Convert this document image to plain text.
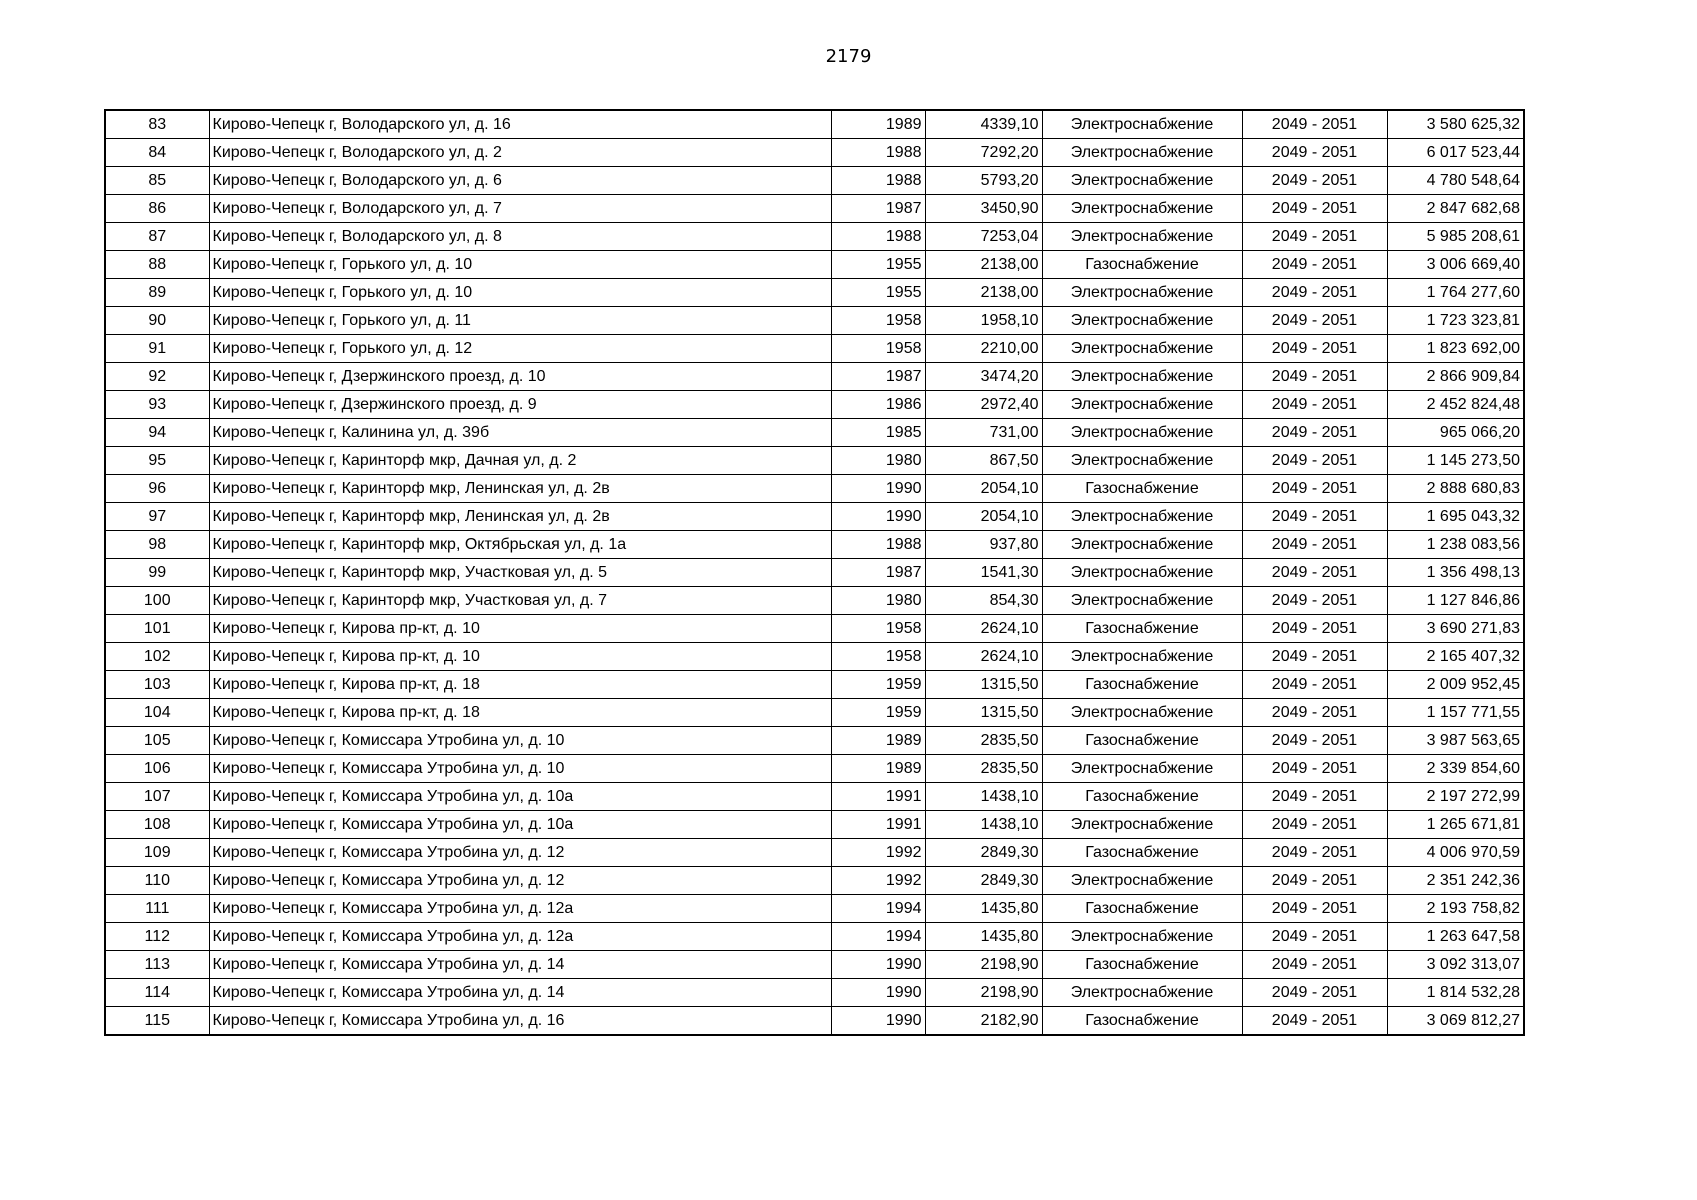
2179
83	Кирово-Чепецк г, Володарского ул, д. 16	1989	4339,10	Электроснабжение	2049 - 2051	3 580 625,32
84	Кирово-Чепецк г, Володарского ул, д. 2	1988	7292,20	Электроснабжение	2049 - 2051	6 017 523,44
85	Кирово-Чепецк г, Володарского ул, д. 6	1988	5793,20	Электроснабжение	2049 - 2051	4 780 548,64
86	Кирово-Чепецк г, Володарского ул, д. 7	1987	3450,90	Электроснабжение	2049 - 2051	2 847 682,68
87	Кирово-Чепецк г, Володарского ул, д. 8	1988	7253,04	Электроснабжение	2049 - 2051	5 985 208,61
88	Кирово-Чепецк г, Горького ул, д. 10	1955	2138,00	Газоснабжение	2049 - 2051	3 006 669,40
89	Кирово-Чепецк г, Горького ул, д. 10	1955	2138,00	Электроснабжение	2049 - 2051	1 764 277,60
90	Кирово-Чепецк г, Горького ул, д. 11	1958	1958,10	Электроснабжение	2049 - 2051	1 723 323,81
91	Кирово-Чепецк г, Горького ул, д. 12	1958	2210,00	Электроснабжение	2049 - 2051	1 823 692,00
92	Кирово-Чепецк г, Дзержинского проезд, д. 10	1987	3474,20	Электроснабжение	2049 - 2051	2 866 909,84
93	Кирово-Чепецк г, Дзержинского проезд, д. 9	1986	2972,40	Электроснабжение	2049 - 2051	2 452 824,48
94	Кирово-Чепецк г, Калинина ул, д. 39б	1985	731,00	Электроснабжение	2049 - 2051	965 066,20
95	Кирово-Чепецк г, Каринторф мкр, Дачная ул, д. 2	1980	867,50	Электроснабжение	2049 - 2051	1 145 273,50
96	Кирово-Чепецк г, Каринторф мкр, Ленинская ул, д. 2в	1990	2054,10	Газоснабжение	2049 - 2051	2 888 680,83
97	Кирово-Чепецк г, Каринторф мкр, Ленинская ул, д. 2в	1990	2054,10	Электроснабжение	2049 - 2051	1 695 043,32
98	Кирово-Чепецк г, Каринторф мкр, Октябрьская ул, д. 1а	1988	937,80	Электроснабжение	2049 - 2051	1 238 083,56
99	Кирово-Чепецк г, Каринторф мкр, Участковая ул, д. 5	1987	1541,30	Электроснабжение	2049 - 2051	1 356 498,13
100	Кирово-Чепецк г, Каринторф мкр, Участковая ул, д. 7	1980	854,30	Электроснабжение	2049 - 2051	1 127 846,86
101	Кирово-Чепецк г, Кирова пр-кт, д. 10	1958	2624,10	Газоснабжение	2049 - 2051	3 690 271,83
102	Кирово-Чепецк г, Кирова пр-кт, д. 10	1958	2624,10	Электроснабжение	2049 - 2051	2 165 407,32
103	Кирово-Чепецк г, Кирова пр-кт, д. 18	1959	1315,50	Газоснабжение	2049 - 2051	2 009 952,45
104	Кирово-Чепецк г, Кирова пр-кт, д. 18	1959	1315,50	Электроснабжение	2049 - 2051	1 157 771,55
105	Кирово-Чепецк г, Комиссара Утробина ул, д. 10	1989	2835,50	Газоснабжение	2049 - 2051	3 987 563,65
106	Кирово-Чепецк г, Комиссара Утробина ул, д. 10	1989	2835,50	Электроснабжение	2049 - 2051	2 339 854,60
107	Кирово-Чепецк г, Комиссара Утробина ул, д. 10а	1991	1438,10	Газоснабжение	2049 - 2051	2 197 272,99
108	Кирово-Чепецк г, Комиссара Утробина ул, д. 10а	1991	1438,10	Электроснабжение	2049 - 2051	1 265 671,81
109	Кирово-Чепецк г, Комиссара Утробина ул, д. 12	1992	2849,30	Газоснабжение	2049 - 2051	4 006 970,59
110	Кирово-Чепецк г, Комиссара Утробина ул, д. 12	1992	2849,30	Электроснабжение	2049 - 2051	2 351 242,36
111	Кирово-Чепецк г, Комиссара Утробина ул, д. 12а	1994	1435,80	Газоснабжение	2049 - 2051	2 193 758,82
112	Кирово-Чепецк г, Комиссара Утробина ул, д. 12а	1994	1435,80	Электроснабжение	2049 - 2051	1 263 647,58
113	Кирово-Чепецк г, Комиссара Утробина ул, д. 14	1990	2198,90	Газоснабжение	2049 - 2051	3 092 313,07
114	Кирово-Чепецк г, Комиссара Утробина ул, д. 14	1990	2198,90	Электроснабжение	2049 - 2051	1 814 532,28
115	Кирово-Чепецк г, Комиссара Утробина ул, д. 16	1990	2182,90	Газоснабжение	2049 - 2051	3 069 812,27
